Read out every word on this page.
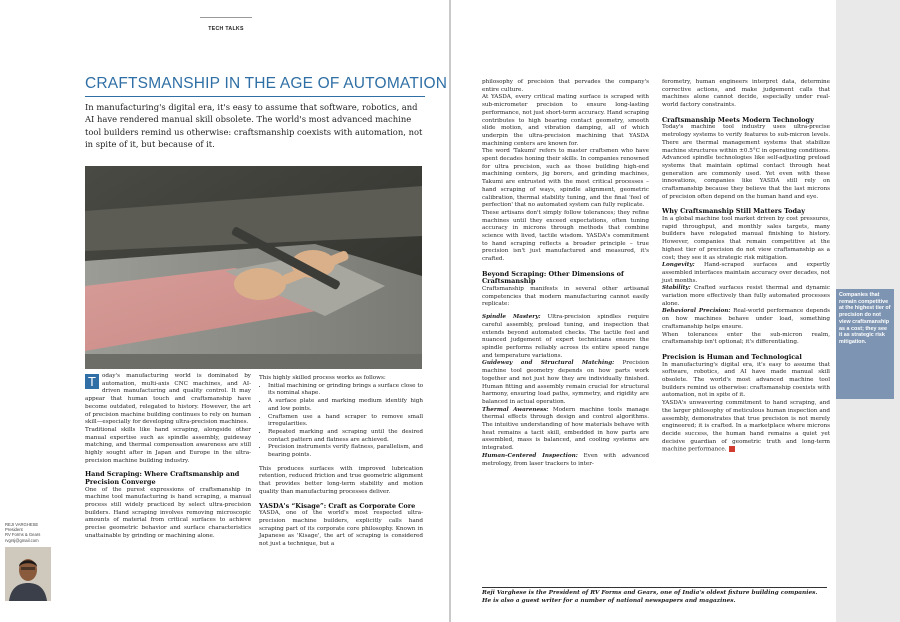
TECH TALKS
CRAFTSMANSHIP IN THE AGE OF AUTOMATION
In manufacturing's digital era, it's easy to assume that software, robotics, and AI have rendered manual skill obsolete. The world's most advanced machine tool builders remind us otherwise: craftsmanship coexists with automation, not in spite of it, but because of it.
T	oday's manufacturing world is dominated by automation, multi-axis CNC machines, and AI-driven manufacturing and quality control. It may appear that human touch and craftsmanship have become outdated, relegated to history. However, the art of precision machine building continues to rely on human skill—especially for developing ultra-precision machines.

Traditional skills like hand scraping, alongside other manual expertise such as spindle assembly, guideway matching, and thermal compensation awareness are still highly sought after in Japan and Europe in the ultra-precision machine building industry.

Hand Scraping: Where Craftsmanship and Precision Converge

One of the purest expressions of craftsmanship in machine tool manufacturing is hand scraping, a manual process still widely practiced by select ultra-precision builders. Hand scraping involves removing microscopic amounts of material from critical surfaces to achieve precise geometric behavior and surface characteristics unattainable by grinding or machining alone.

This highly skilled process works as follows:

• Initial machining or grinding brings a surface close to its nominal shape.
• A surface plate and marking medium identify high and low points.
• Craftsmen use a hand scraper to remove small irregularities.
• Repeated marking and scraping until the desired contact pattern and flatness are achieved.
• Precision instruments verify flatness, parallelism, and bearing points.

This produces surfaces with improved lubrication retention, reduced friction and true geometric alignment that provides better long-term stability and motion quality than manufacturing processes deliver.

YASDA's “Kisage”: Craft as Corporate Core

YASDA, one of the world's most respected ultra-precision machine builders, explicitly calls hand scraping part of its corporate core philosophy. Known in Japanese as 'Kisage', the art of scraping is considered not just a technique, but a

REJI VARGHESE
President
RV Forms & Gears
rvgrsj@gmail.com

philosophy of precision that pervades the company's entire culture.

At YASDA, every critical mating surface is scraped with sub-micrometer precision to ensure long-lasting performance, not just short-term accuracy. Hand scraping contributes to high bearing contact geometry, smooth slide motion, and vibration damping, all of which underpin the ultra-precision machining that YASDA machining centers are known for.

The word 'Takumi' refers to master craftsmen who have spent decades honing their skills. In companies renowned for ultra precision, such as those building high-end machining centers, jig borers, and grinding machines, Takumi are entrusted with the most critical processes – hand scraping of ways, spindle alignment, geometric calibration, thermal stability tuning, and the final 'feel of perfection' that no automated system can fully replicate.

These artisans don't simply follow tolerances; they refine machines until they exceed expectations, often tuning accuracy in microns through methods that combine science with lived, tactile wisdom. YASDA's commitment to hand scraping reflects a broader principle – true precision isn't just manufactured and measured, it's crafted.

Beyond Scraping: Other Dimensions of Craftsmanship

Craftsmanship manifests in several other artisanal competencies that modern manufacturing cannot easily replicate:

Spindle Mastery: Ultra-precision spindles require careful assembly, preload tuning, and inspection that extends beyond automated checks. The tactile feel and nuanced judgement of expert technicians ensure the spindle performs reliably across its entire speed range and temperature variations.

Guideway and Structural Matching: Precision machine tool geometry depends on how parts work together and not just how they are individually finished. Human fitting and assembly remain crucial for structural harmony, ensuring load paths, symmetry, and rigidity are balanced in actual operation.

Thermal Awareness: Modern machine tools manage thermal effects through design and control algorithms. The intuitive understanding of how materials behave with heat remains a tacit skill, embedded in how parts are assembled, mass is balanced, and cooling systems are integrated.

Human-Centered Inspection: Even with advanced metrology, from laser trackers to inter-

ferometry, human engineers interpret data, determine corrective actions, and make judgement calls that machines alone cannot decide, especially under real-world factory constraints.

Craftsmanship Meets Modern Technology

Today's machine tool industry uses ultra-precise metrology systems to verify features to sub-micron levels. There are thermal management systems that stabilize machine structures within ±0.5°C in operating conditions. Advanced spindle technologies like self-adjusting preload systems that maintain optimal contact through heat generation are commonly used. Yet even with these innovations, companies like YASDA still rely on craftsmanship because they believe that the last microns of precision often depend on the human hand and eye.

Why Craftsmanship Still Matters Today

In a global machine tool market driven by cost pressures, rapid throughput, and monthly sales targets, many builders have relegated manual finishing to history. However, companies that remain competitive at the highest tier of precision do not view craftsmanship as a cost; they see it as strategic risk mitigation.

Longevity: Hand-scraped surfaces and expertly assembled interfaces maintain accuracy over decades, not just months.

Stability: Crafted surfaces resist thermal and dynamic variation more effectively than fully automated processes alone.

Behavioral Precision: Real-world performance depends on how machines behave under load, something craftsmanship helps ensure.

When tolerances enter the sub-micron realm, craftsmanship isn't optional; it's differentiating.

Precision is Human and Technological

In manufacturing's digital era, it's easy to assume that software, robotics, and AI have made manual skill obsolete. The world's most advanced machine tool builders remind us otherwise: craftsmanship coexists with automation, not in spite of it.

YASDA's unwavering commitment to hand scraping, and the larger philosophy of meticulous human inspection and assembly, demonstrates that true precision is not merely engineered; it is crafted. In a marketplace where microns decide success, the human hand remains a quiet yet decisive guardian of geometric truth and long-term machine performance.

Reji Varghese is the President of RV Forms and Gears, one of India's oldest fixture building companies.
He is also a guest writer for a number of national newspapers and magazines.
Companies that remain competitive at the highest tier of precision do not view craftsmanship as a cost; they see it as strategic risk mitigation.
